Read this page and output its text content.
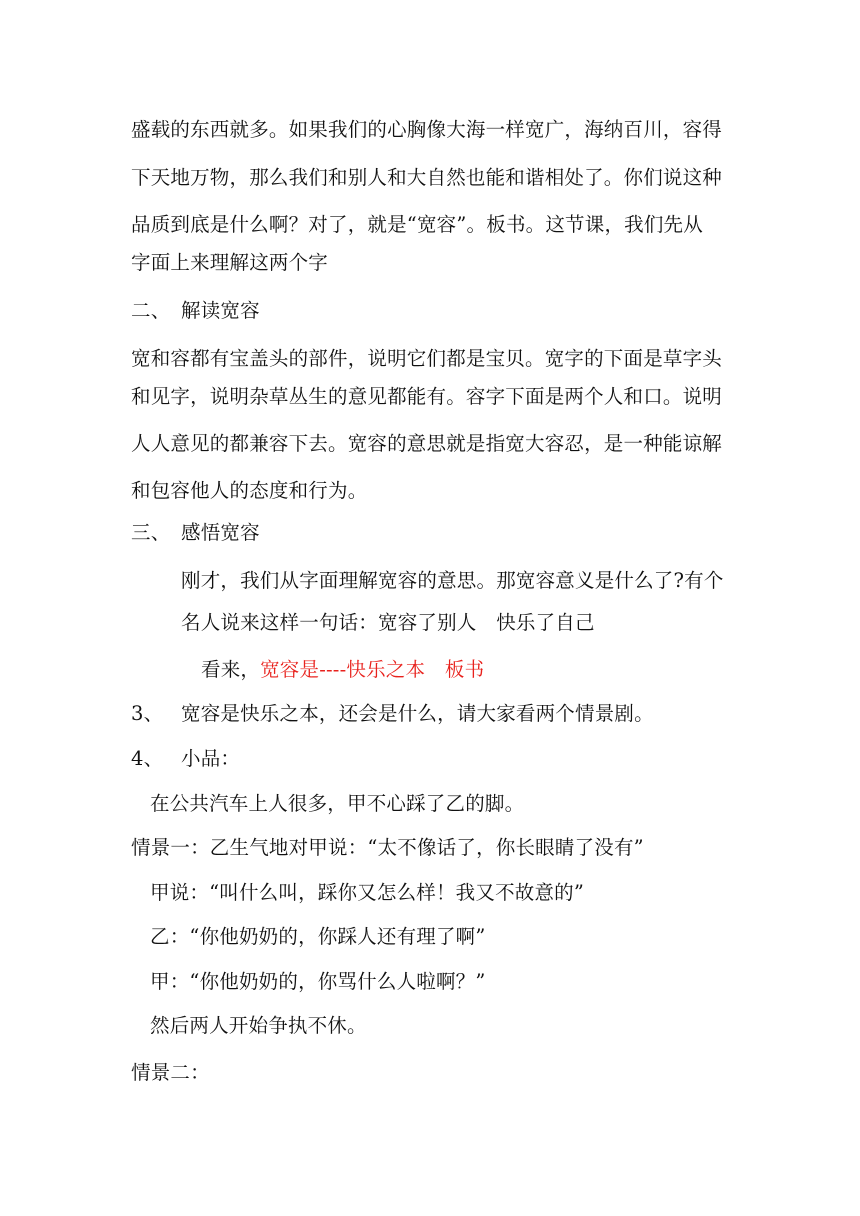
盛载的东西就多。如果我们的心胸像大海一样宽广，海纳百川，容得
下天地万物，那么我们和别人和大自然也能和谐相处了。你们说这种
品质到底是什么啊？对了，就是“宽容”。板书。这节课，我们先从
字面上来理解这两个字
二、 解读宽容
宽和容都有宝盖头的部件，说明它们都是宝贝。宽字的下面是草字头
和见字，说明杂草丛生的意见都能有。容字下面是两个人和口。说明
人人意见的都兼容下去。宽容的意思就是指宽大容忍，是一种能谅解
和包容他人的态度和行为。
三、 感悟宽容
刚才，我们从字面理解宽容的意思。那宽容意义是什么了?有个
名人说来这样一句话：宽容了别人　快乐了自己
看来，宽容是----快乐之本　板书
3、 宽容是快乐之本，还会是什么，请大家看两个情景剧。
4、 小品：
在公共汽车上人很多，甲不心踩了乙的脚。
情景一：乙生气地对甲说：“太不像话了，你长眼睛了没有”
甲说：“叫什么叫，踩你又怎么样！我又不故意的”
乙：“你他奶奶的，你踩人还有理了啊”
甲：“你他奶奶的，你骂什么人啦啊？”
然后两人开始争执不休。
情景二：
